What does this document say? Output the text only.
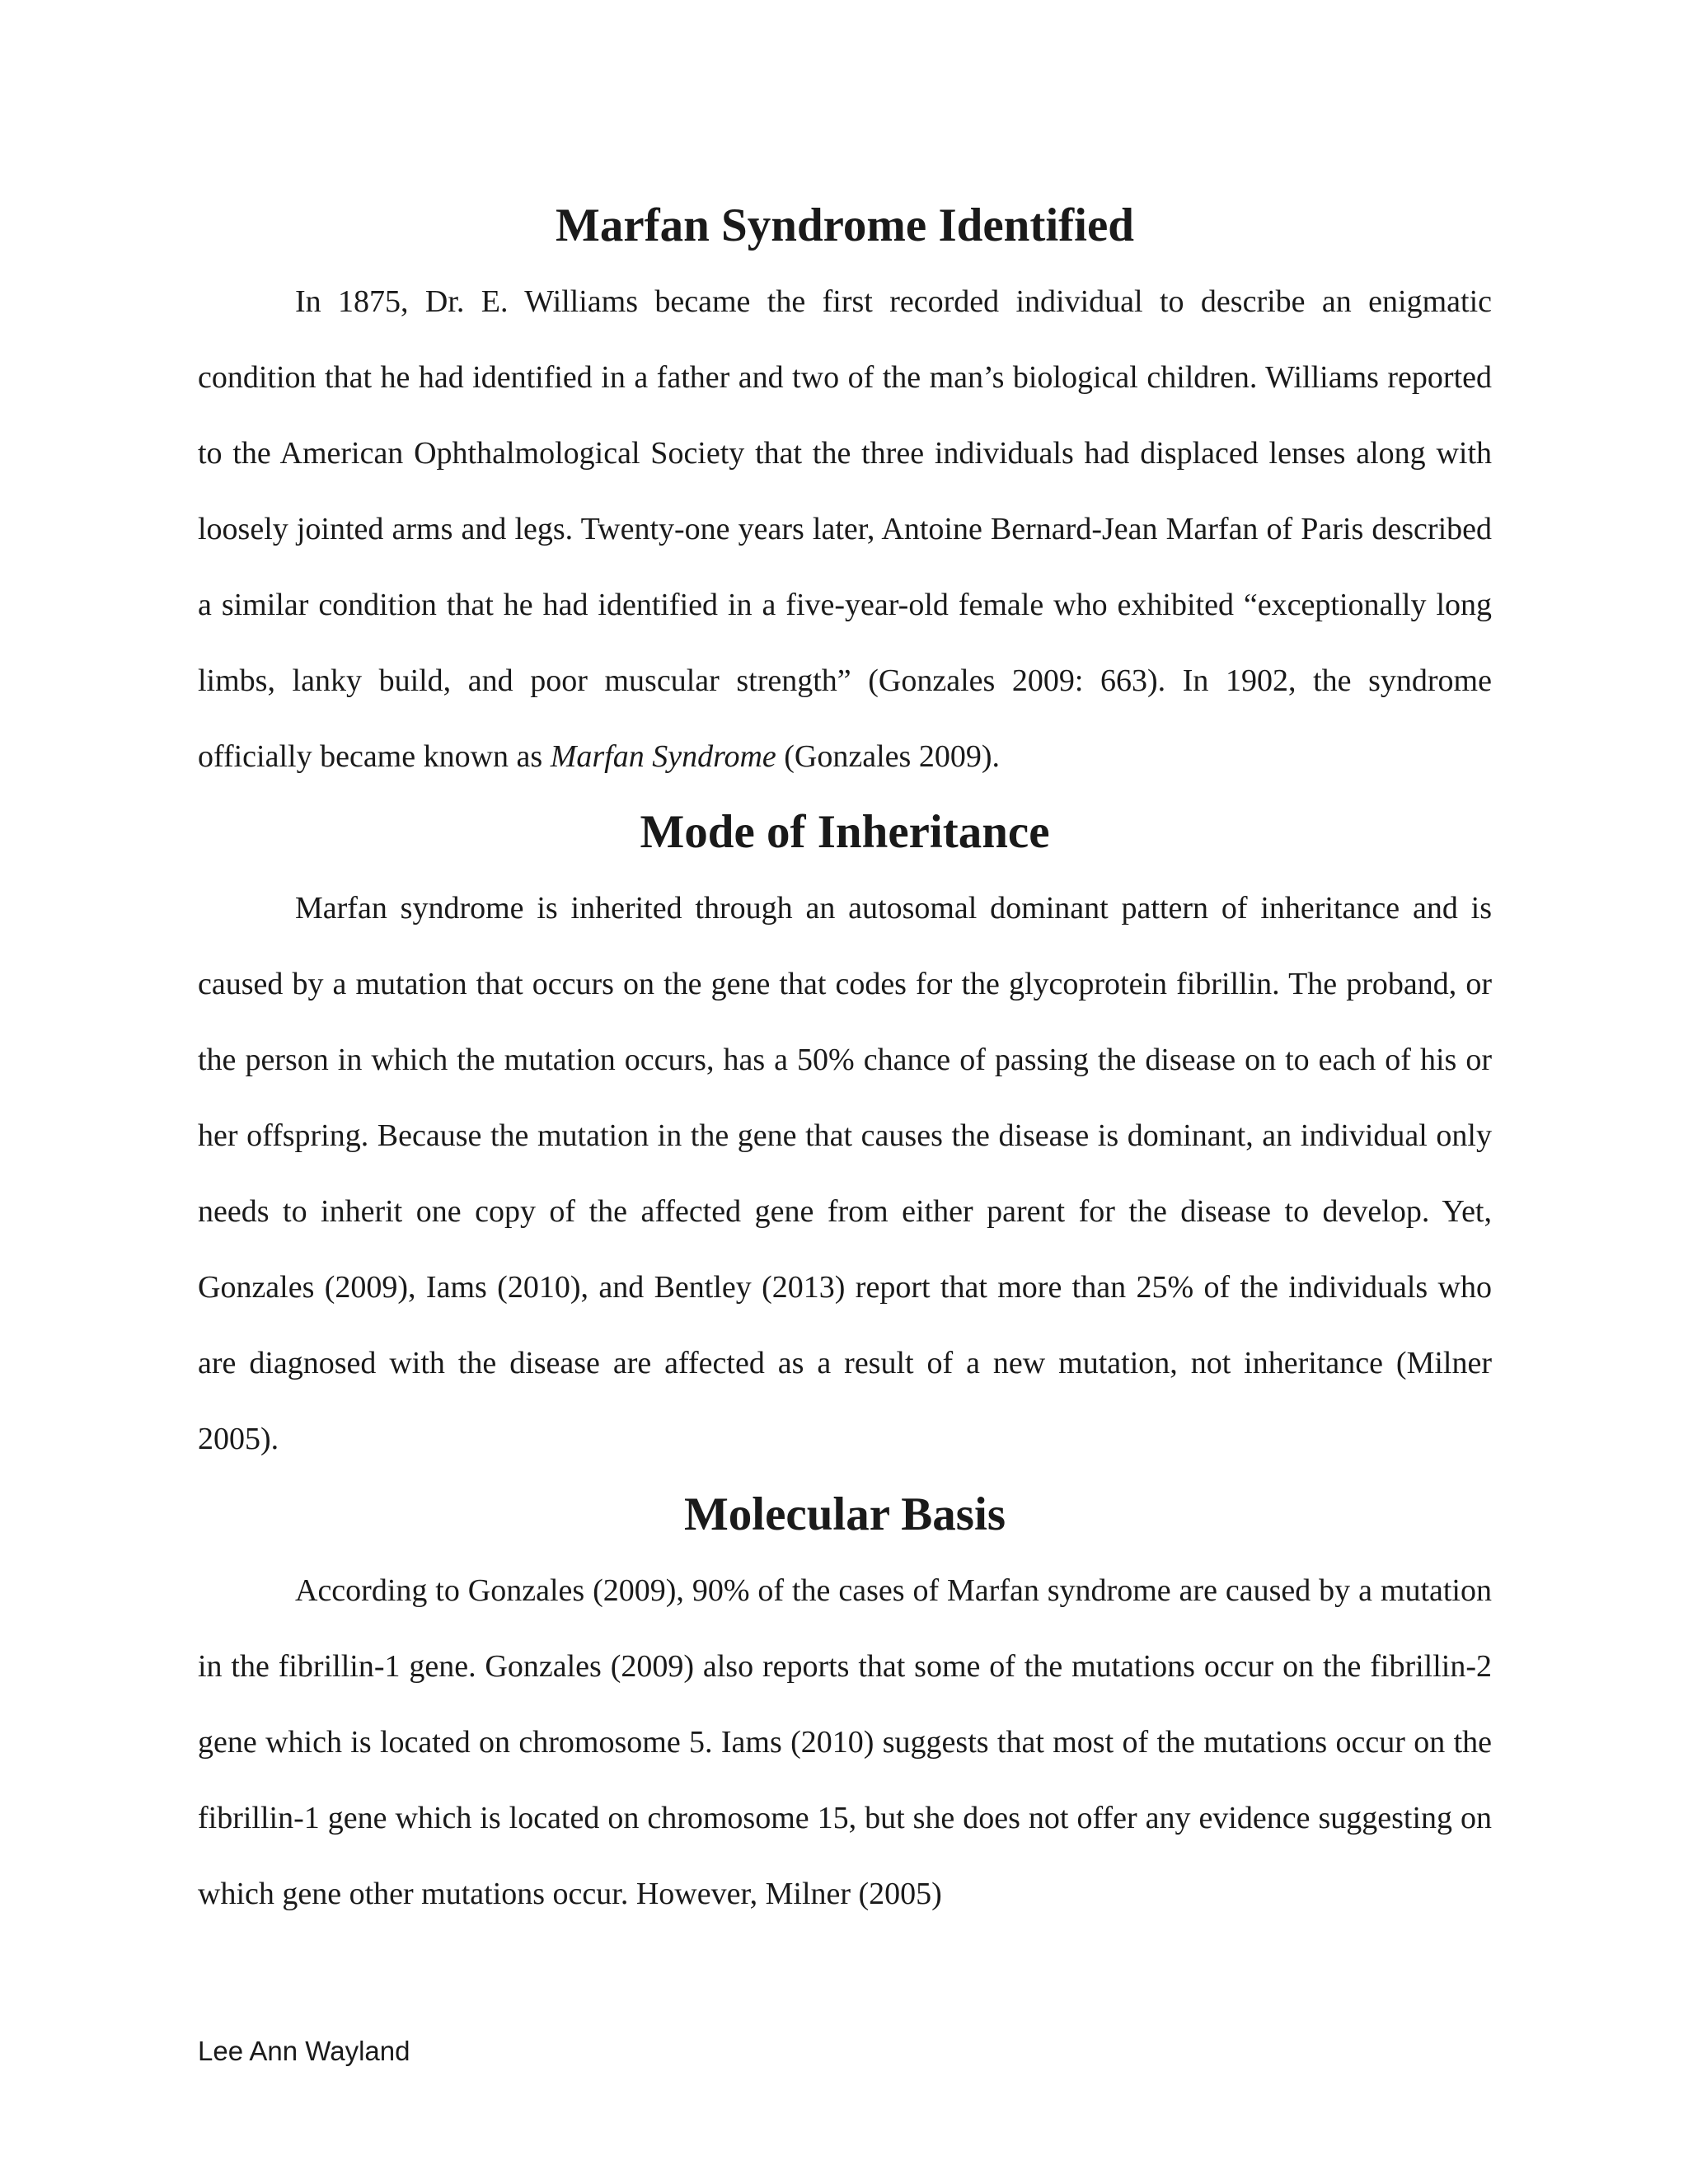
Marfan Syndrome Identified

In 1875, Dr. E. Williams became the first recorded individual to describe an enigmatic condition that he had identified in a father and two of the man’s biological children. Williams reported to the American Ophthalmological Society that the three individuals had displaced lenses along with loosely jointed arms and legs. Twenty-one years later, Antoine Bernard-Jean Marfan of Paris described a similar condition that he had identified in a five-year-old female who exhibited “exceptionally long limbs, lanky build, and poor muscular strength” (Gonzales 2009: 663). In 1902, the syndrome officially became known as Marfan Syndrome (Gonzales 2009).

Mode of Inheritance

Marfan syndrome is inherited through an autosomal dominant pattern of inheritance and is caused by a mutation that occurs on the gene that codes for the glycoprotein fibrillin. The proband, or the person in which the mutation occurs, has a 50% chance of passing the disease on to each of his or her offspring. Because the mutation in the gene that causes the disease is dominant, an individual only needs to inherit one copy of the affected gene from either parent for the disease to develop. Yet, Gonzales (2009), Iams (2010), and Bentley (2013) report that more than 25% of the individuals who are diagnosed with the disease are affected as a result of a new mutation, not inheritance (Milner 2005).

Molecular Basis

According to Gonzales (2009), 90% of the cases of Marfan syndrome are caused by a mutation in the fibrillin-1 gene. Gonzales (2009) also reports that some of the mutations occur on the fibrillin-2 gene which is located on chromosome 5. Iams (2010) suggests that most of the mutations occur on the fibrillin-1 gene which is located on chromosome 15, but she does not offer any evidence suggesting on which gene other mutations occur. However, Milner (2005)

Lee Ann Wayland
